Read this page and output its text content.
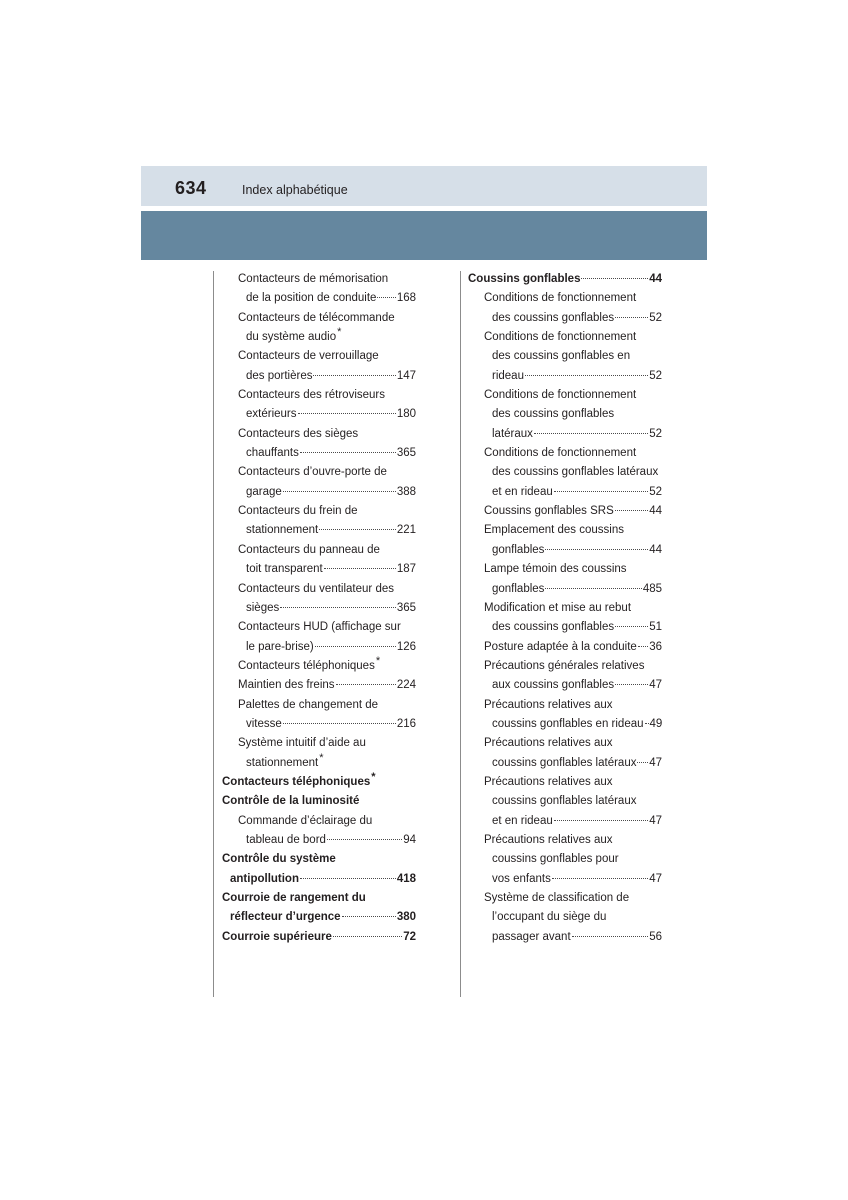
634	Index alphabétique
Contacteurs de mémorisation
de la position de conduite 168
Contacteurs de télécommande
du système audio *
Contacteurs de verrouillage
des portières	147
Contacteurs des rétroviseurs
extérieurs	180
Contacteurs des sièges
chauffants	365
Contacteurs d’ouvre-porte de
garage	388
Contacteurs du frein de
stationnement	221
Contacteurs du panneau de
toit transparent	187
Contacteurs du ventilateur des
sièges	365
Contacteurs HUD (affichage sur
le pare-brise)	126
Contacteurs téléphoniques *
Maintien des freins	224
Palettes de changement de
vitesse	216
Système intuitif d’aide au
stationnement *
Contacteurs téléphoniques *
Contrôle de la luminosité
Commande d’éclairage du
tableau de bord	94
Contrôle du système
antipollution	418
Courroie de rangement du
réflecteur d’urgence	380
Courroie supérieure	72
Coussins gonflables	44
Conditions de fonctionnement
des coussins gonflables	52
Conditions de fonctionnement
des coussins gonflables en
rideau	52
Conditions de fonctionnement
des coussins gonflables
latéraux	52
Conditions de fonctionnement
des coussins gonflables latéraux
et en rideau	52
Coussins gonflables SRS	44
Emplacement des coussins
gonflables	44
Lampe témoin des coussins
gonflables	485
Modification et mise au rebut
des coussins gonflables	51
Posture adaptée à la conduite 36
Précautions générales relatives
aux coussins gonflables	47
Précautions relatives aux
coussins gonflables en rideau 49
Précautions relatives aux
coussins gonflables latéraux 47
Précautions relatives aux
coussins gonflables latéraux
et en rideau	47
Précautions relatives aux
coussins gonflables pour
vos enfants	47
Système de classification de
l’occupant du siège du
passager avant	56
